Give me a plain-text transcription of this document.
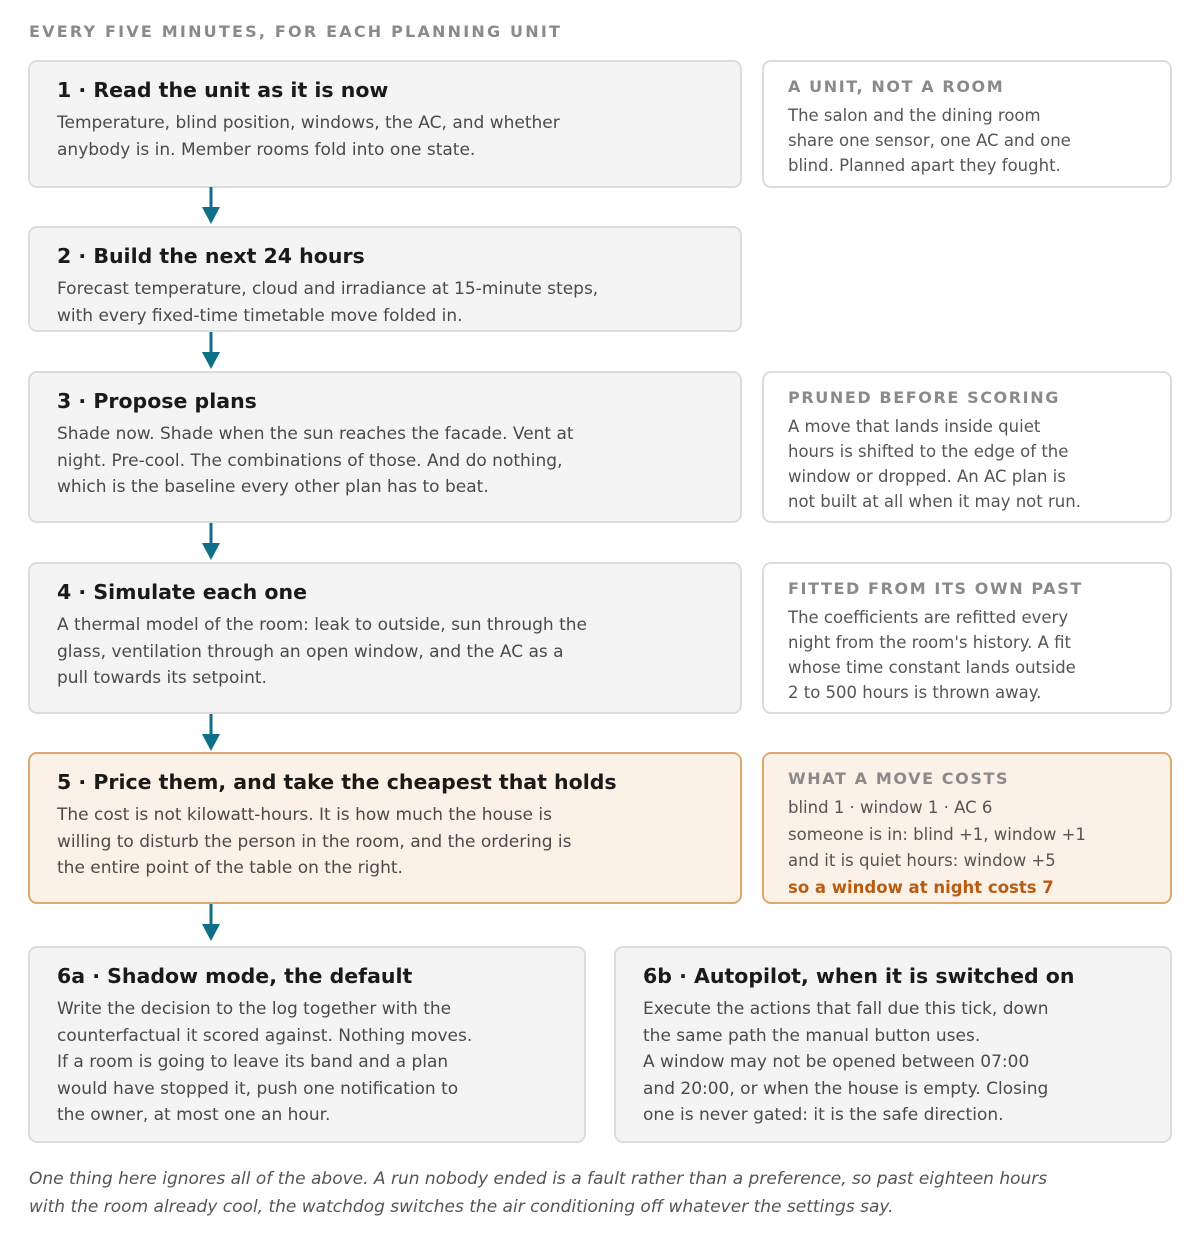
EVERY FIVE MINUTES, FOR EACH PLANNING UNIT
1 · Read the unit as it is now
Temperature, blind position, windows, the AC, and whether
anybody is in. Member rooms fold into one state.
A UNIT, NOT A ROOM
The salon and the dining room
share one sensor, one AC and one
blind. Planned apart they fought.
2 · Build the next 24 hours
Forecast temperature, cloud and irradiance at 15-minute steps,
with every fixed-time timetable move folded in.
3 · Propose plans
Shade now. Shade when the sun reaches the facade. Vent at
night. Pre-cool. The combinations of those. And do nothing,
which is the baseline every other plan has to beat.
PRUNED BEFORE SCORING
A move that lands inside quiet
hours is shifted to the edge of the
window or dropped. An AC plan is
not built at all when it may not run.
4 · Simulate each one
A thermal model of the room: leak to outside, sun through the
glass, ventilation through an open window, and the AC as a
pull towards its setpoint.
FITTED FROM ITS OWN PAST
The coefficients are refitted every
night from the room's history. A fit
whose time constant lands outside
2 to 500 hours is thrown away.
5 · Price them, and take the cheapest that holds
The cost is not kilowatt-hours. It is how much the house is
willing to disturb the person in the room, and the ordering is
the entire point of the table on the right.
WHAT A MOVE COSTS
blind 1 · window 1 · AC 6
someone is in: blind +1, window +1
and it is quiet hours: window +5
so a window at night costs 7
6a · Shadow mode, the default
Write the decision to the log together with the
counterfactual it scored against. Nothing moves.
If a room is going to leave its band and a plan
would have stopped it, push one notification to
the owner, at most one an hour.
6b · Autopilot, when it is switched on
Execute the actions that fall due this tick, down
the same path the manual button uses.
A window may not be opened between 07:00
and 20:00, or when the house is empty. Closing
one is never gated: it is the safe direction.
One thing here ignores all of the above. A run nobody ended is a fault rather than a preference, so past eighteen hours
with the room already cool, the watchdog switches the air conditioning off whatever the settings say.
